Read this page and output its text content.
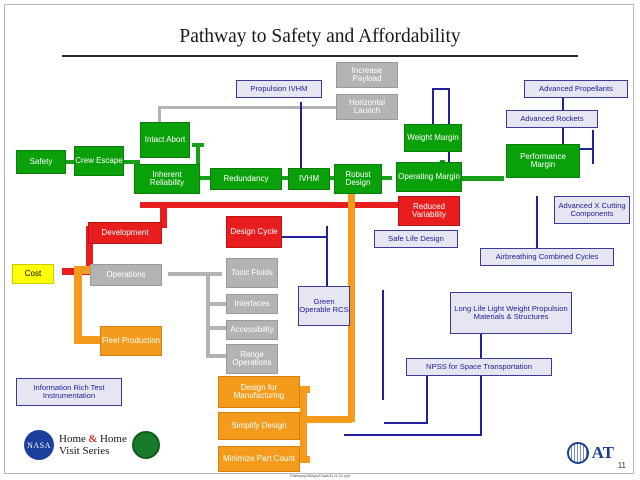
Pathway to Safety and Affordability
Increase Payload
Horizontal Launch
Propulsion IVHM	Advanced Propellants
Advanced Rockets
Safety	Crew Escape
Intact Abort
Inherent Reliability	Redundancy	IVHM	Robust Design
Weight Margin
Operating Margin
Reduced Variability
Performance Margin
Advanced X Cutting Components
Safe Life Design
Airbreathing Combined Cycles
Development	Design Cycle
Cost	Operations	Toxic Fluids
Interfaces
Accessibility
Range Operations
Green Operable RCS	Long Life Light Weight Propulsion Materials & Structures
Fleet Production
NPSS for Space Transportation
Information Rich Test Instrumentation
Design for Manufacturing
Simplify Design
Minimize Part Count
NASA
Home & Home
Visit Series	AT
Pathway2Ways/Chart/11-5-01.ppt
11
